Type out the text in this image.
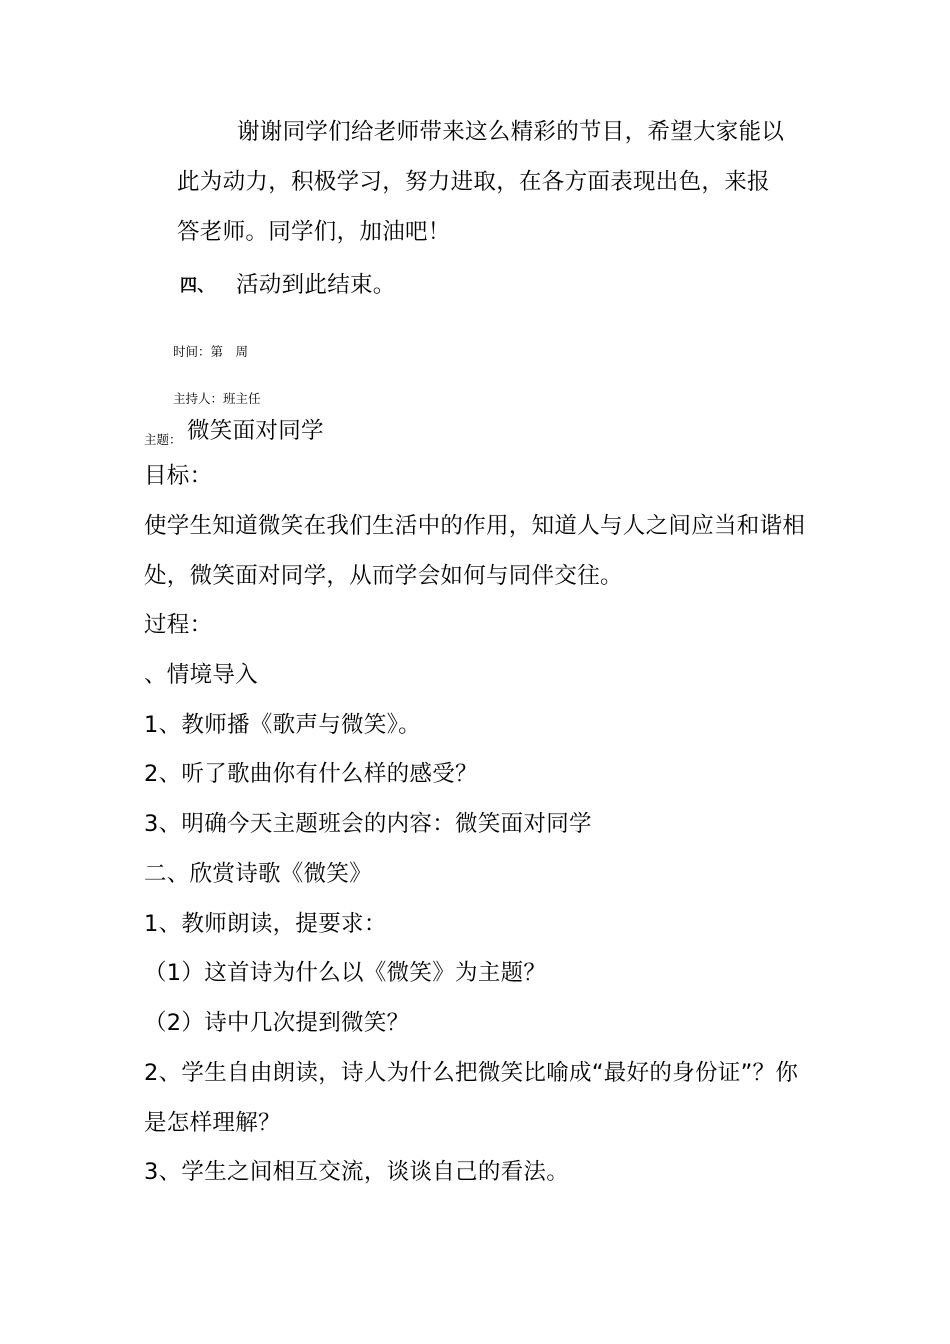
谢谢同学们给老师带来这么精彩的节目，希望大家能以
此为动力，积极学习，努力进取，在各方面表现出色，来报
答老师。同学们，加油吧！
四、 活动到此结束。
时间：第　周
主持人：班主任
主题： 微笑面对同学
目标：
使学生知道微笑在我们生活中的作用，知道人与人之间应当和谐相
处，微笑面对同学，从而学会如何与同伴交往。
过程：
、情境导入
1、教师播《歌声与微笑》。
2、听了歌曲你有什么样的感受？
3、明确今天主题班会的内容：微笑面对同学
二、欣赏诗歌《微笑》
1、教师朗读，提要求：
（1）这首诗为什么以《微笑》为主题？
（2）诗中几次提到微笑？
2、学生自由朗读，诗人为什么把微笑比喻成“最好的身份证”？你
是怎样理解？
3、学生之间相互交流，谈谈自己的看法。
